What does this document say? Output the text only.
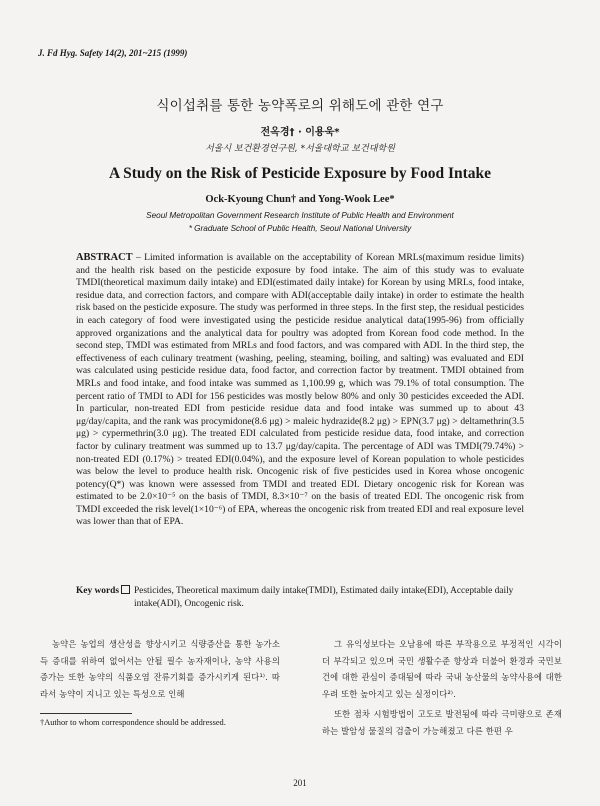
J. Fd Hyg. Safety 14(2), 201~215 (1999)
식이섭취를 통한 농약폭로의 위해도에 관한 연구
전옥경† · 이용욱*
서울시 보건환경연구원, *서울대학교 보건대학원
A Study on the Risk of Pesticide Exposure by Food Intake
Ock-Kyoung Chun† and Yong-Wook Lee*
Seoul Metropolitan Government Research Institute of Public Health and Environment
* Graduate School of Public Health, Seoul National University
ABSTRACT – Limited information is available on the acceptability of Korean MRLs(maximum residue limits) and the health risk based on the pesticide exposure by food intake. The aim of this study was to evaluate TMDI(theoretical maximum daily intake) and EDI(estimated daily intake) for Korean by using MRLs, food intake, residue data, and correction factors, and compare with ADI(acceptable daily intake) in order to estimate the health risk based on the pesticide exposure. The study was performed in three steps. In the first step, the residual pesticides in each category of food were investigated using the pesticide residue analytical data(1995-96) from officially approved organizations and the analytical data for poultry was adopted from Korean food code method. In the second step, TMDI was estimated from MRLs and food factors, and was compared with ADI. In the third step, the effectiveness of each culinary treatment (washing, peeling, steaming, boiling, and salting) was evaluated and EDI was calculated using pesticide residue data, food factor, and correction factor by treatment. TMDI obtained from MRLs and food intake, and food intake was summed as 1,100.99 g, which was 79.1% of total consumption. The percent ratio of TMDI to ADI for 156 pesticides was mostly below 80% and only 30 pesticides exceeded the ADI. In particular, non-treated EDI from pesticide residue data and food intake was summed up to about 43 μg/day/capita, and the rank was procymidone(8.6 μg) > maleic hydrazide(8.2 μg) > EPN(3.7 μg) > deltamethrin(3.5 μg) > cypermethrin(3.0 μg). The treated EDI calculated from pesticide residue data, food intake, and correction factor by culinary treatment was summed up to 13.7 μg/day/capita. The percentage of ADI was TMDI(79.74%) > non-treated EDI (0.17%) > treated EDI(0.04%), and the exposure level of Korean population to whole pesticides was below the level to produce health risk. Oncogenic risk of five pesticides used in Korea whose oncogenic potency(Q*) was known were assessed from TMDI and treated EDI. Dietary oncogenic risk for Korean was estimated to be 2.0×10⁻⁵ on the basis of TMDI, 8.3×10⁻⁷ on the basis of treated EDI. The oncogenic risk from TMDI exceeded the risk level(1×10⁻⁶) of EPA, whereas the oncogenic risk from treated EDI and real exposure level was lower than that of EPA.
Key words	Pesticides, Theoretical maximum daily intake(TMDI), Estimated daily intake(EDI), Acceptable daily intake(ADI), Oncogenic risk.

농약은 농업의 생산성을 향상시키고 식량증산을 통한 농가소득 증대를 위하여 없어서는 안될 필수 농자재이나, 농약 사용의 증가는 또한 농약의 식품오염 잔류기회를 증가시키게 된다¹⁾. 따라서 농약이 지니고 있는 특성으로 인해

그 유익성보다는 오남용에 따른 부작용으로 부정적인 시각이 더 부각되고 있으며 국민 생활수준 향상과 더불어 환경과 국민보건에 대한 관심이 증대됨에 따라 국내 농산물의 농약사용에 대한 우려 또한 높아지고 있는 실정이다²⁾.

또한 점차 시험방법이 고도로 발전됨에 따라 극미량으로 존재하는 발암성 물질의 검출이 가능해졌고 다른 한편 우

†Author to whom correspondence should be addressed.
201
